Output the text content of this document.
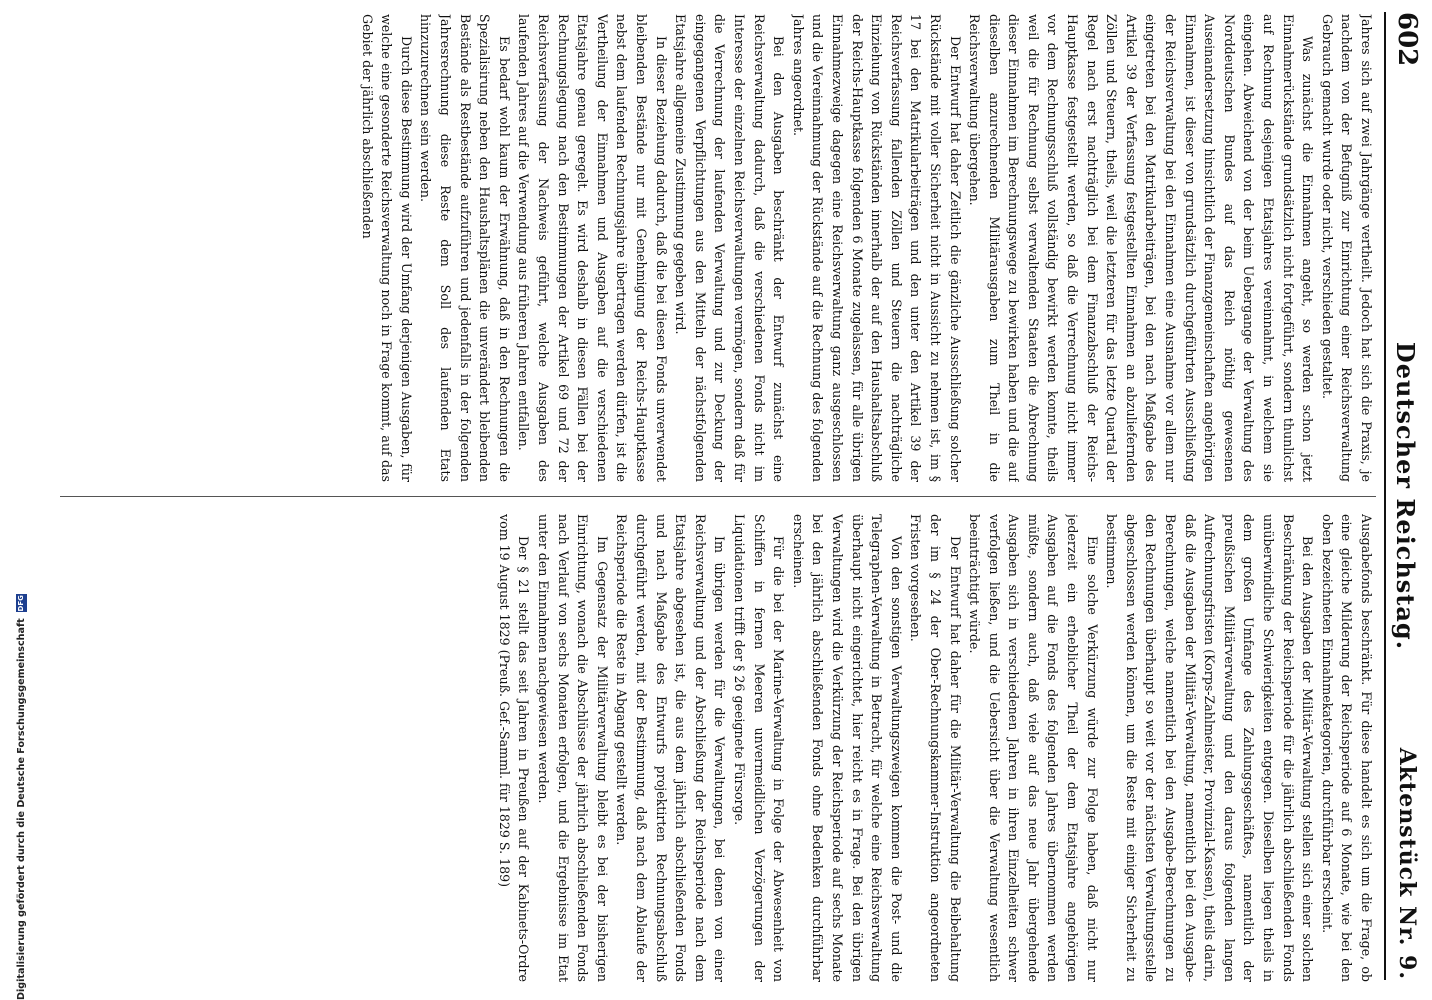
602
Deutscher Reichstag.
Aktenstück Nr. 9.

Jahres sich auf zwei Jahrgänge vertheilt. Jedoch hat sich die Praxis, je nachdem von der Befugniß zur Einrichtung einer Reichsverwaltung Gebrauch gemacht wurde oder nicht, verschieden gestaltet.

Was zunächst die Einnahmen angeht, so werden schon jetzt Einnahmerückstände grundsätzlich nicht fortgeführt, sondern thunlichst auf Rechnung desjenigen Etatsjahres vereinnahmt, in welchem sie eingehen. Abweichend von der beim Uebergange der Verwaltung des Norddeutschen Bundes auf das Reich nöthig gewesenen Auseinandersetzung hinsichtlich der Finanzgemeinschaften angehörigen Einnahmen, ist dieser von grundsätzlich durchgeführten Ausschließung der Reichsverwaltung bei den Einnahmen eine Ausnahme vor allem nur eingetreten bei den Matrikularbeiträgen, bei den nach Maßgabe des Artikel 39 der Verfassung festgestellten Einnahmen an abzuliefernden Zöllen und Steuern, theils, weil die letzteren für das letzte Quartal der Regel nach erst nachträglich bei dem Finanzabschluß der Reichs-Hauptkasse festgestellt werden, so daß die Verrechnung nicht immer vor dem Rechnungsschluß vollständig bewirkt werden konnte, theils weil die für Rechnung selbst verwaltenden Staaten die Abrechnung dieser Einnahmen im Berechnungswege zu bewirken haben und die auf dieselben anzurechnenden Militärausgaben zum Theil in die Reichsverwaltung übergehen.

Der Entwurf hat daher Zeitlich die gänzliche Ausschließung solcher Rückstände mit voller Sicherheit nicht in Aussicht zu nehmen ist, im § 17 bei den Matrikularbeiträgen und den unter den Artikel 39 der Reichsverfassung fallenden Zöllen und Steuern die nachträgliche Einziehung von Rückständen innerhalb der auf den Haushaltsabschluß der Reichs-Hauptkasse folgenden 6 Monate zugelassen, für alle übrigen Einnahmezweige dagegen eine Reichsverwaltung ganz ausgeschlossen und die Vereinnahmung der Rückstände auf die Rechnung des folgenden Jahres angeordnet.

Bei den Ausgaben beschränkt der Entwurf zunächst eine Reichsverwaltung dadurch, daß die verschiedenen Fonds nicht im Interesse der einzelnen Reichsverwaltungen vermögen, sondern daß für die Verrechnung der laufenden Verwaltung und zur Deckung der eingegangenen Verpflichtungen aus den Mitteln der nächstfolgenden Etatsjahre allgemeine Zustimmung gegeben wird.

In dieser Beziehung dadurch, daß die bei diesen Fonds unverwendet bleibenden Bestände nur mit Genehmigung der Reichs-Hauptkasse nebst dem laufenden Rechnungsjahre übertragen werden dürfen, ist die Vertheilung der Einnahmen und Ausgaben auf die verschiedenen Etatsjahre genau geregelt. Es wird deshalb in diesen Fällen bei der Rechnungslegung nach den Bestimmungen der Artikel 69 und 72 der Reichsverfassung der Nachweis geführt, welche Ausgaben des laufenden Jahres auf die Verwendung aus früheren Jahren entfallen.

Es bedarf wohl kaum der Erwähnung, daß in den Rechnungen die Spezialisirung neben den Haushaltsplänen die unverändert bleibenden Bestände als Restbestände aufzuführen und jedenfalls in der folgenden Jahresrechnung diese Reste dem Soll des laufenden Etats hinzuzurechnen sein werden.

Durch diese Bestimmung wird der Umfang derjenigen Ausgaben, für welche eine gesonderte Reichsverwaltung noch in Frage kommt, auf das Gebiet der jährlich abschließenden

Ausgabefonds beschränkt. Für diese handelt es sich um die Frage, ob eine gleiche Milderung der Reichsperiode auf 6 Monate, wie bei den oben bezeichneten Einnahmekategorien, durchführbar erscheint.

Bei den Ausgaben der Militär-Verwaltung stellen sich einer solchen Beschränkung der Reichsperiode für die jährlich abschließenden Fonds unüberwindliche Schwierigkeiten entgegen. Dieselben liegen theils in dem großen Umfange des Zahlungsgeschäftes, namentlich der preußischen Militärverwaltung und den daraus folgenden langen Aufrechnungsfristen (Korps-Zahlmeister, Provinzial-Kassen), theils darin, daß die Ausgaben der Militär-Verwaltung, namentlich bei den Ausgabe-Berechnungen, welche namentlich bei den Ausgabe-Berechnungen zu den Rechnungen überhaupt so weit vor der nächsten Verwaltungsstelle abgeschlossen werden können, um die Reste mit einiger Sicherheit zu bestimmen.

Eine solche Verkürzung würde zur Folge haben, daß nicht nur jederzeit ein erheblicher Theil der dem Etatsjahre angehörigen Ausgaben auf die Fonds des folgenden Jahres übernommen werden müßte, sondern auch, daß viele auf das neue Jahr übergehende Ausgaben sich in verschiedenen Jahren in ihren Einzelheiten schwer verfolgen ließen, und die Uebersicht über die Verwaltung wesentlich beeinträchtigt würde.

Der Entwurf hat daher für die Militär-Verwaltung die Beibehaltung der im § 24 der Ober-Rechnungskammer-Instruktion angeordneten Fristen vorgesehen.

Von den sonstigen Verwaltungszweigen kommen die Post- und die Telegraphen-Verwaltung in Betracht, für welche eine Reichsverwaltung überhaupt nicht eingerichtet, hier reicht es in Frage. Bei den übrigen Verwaltungen wird die Verkürzung der Reichsperiode auf sechs Monate bei den jährlich abschließenden Fonds ohne Bedenken durchführbar erscheinen.

Für die bei der Marine-Verwaltung in Folge der Abwesenheit von Schiffen in fernen Meeren unvermeidlichen Verzögerungen der Liquidationen trifft der § 26 geeignete Fürsorge.

Im übrigen werden für die Verwaltungen, bei denen von einer Reichsverwaltung und der Abschließung der Reichsperiode nach dem Etatsjahre abgesehen ist, die aus dem jährlich abschließenden Fonds und nach Maßgabe des Entwurfs projektirten Rechnungsabschluß durchgeführt werden, mit der Bestimmung, daß nach dem Ablaufe der Reichsperiode die Reste in Abgang gestellt werden.

Im Gegensatz der Militärverwaltung bleibt es bei der bisherigen Einrichtung, wonach die Abschlüsse der jährlich abschließenden Fonds nach Verlauf von sechs Monaten erfolgen, und die Ergebnisse im Etat unter den Einnahmen nachgewiesen werden.

Der § 21 stellt das seit Jahren in Preußen auf der Kabinets-Ordre vom 19 August 1829 (Preuß. Gef.-Samml. für 1829 S. 189)

Digitalisierung gefördert durch die Deutsche Forschungsgemeinschaft
DFG
